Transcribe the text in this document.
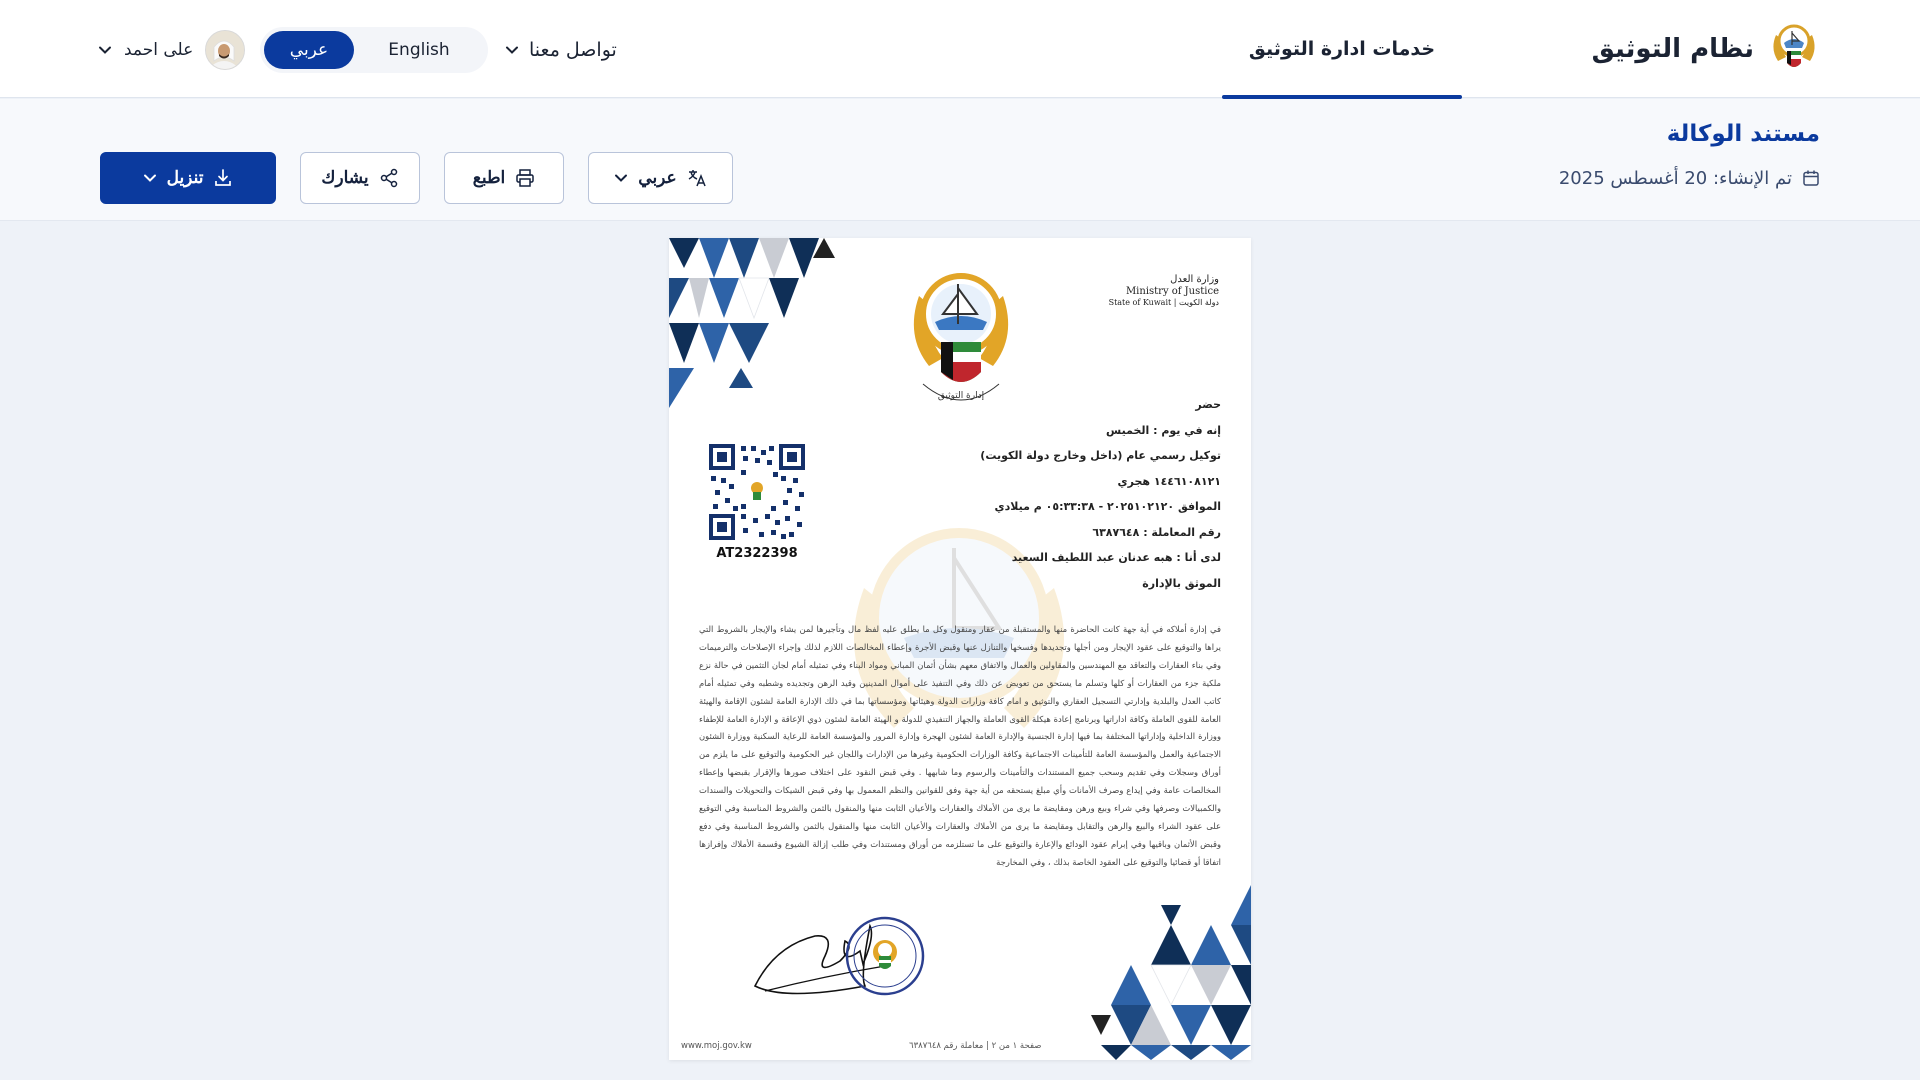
نظام التوثيق
خدمات ادارة التوثيق
تواصل معنا
عربي	English
على احمد
مستند الوكالة
تم الإنشاء: 20 أغسطس 2025
عربي
اطبع
يشارك
تنزيل
وزارة العدل
Ministry of Justice
State of Kuwait | دولة الكويت
إدارة التوثيق
AT2322398
حضر
إنه في يوم : الخميس
توكيل رسمي عام (داخل وخارج دولة الكويت)
١٤٤٦١٠٨١٢١ هجري
الموافق ٢٠٢٥١٠٢١٢٠ - ٠٥:٣٣:٣٨ م ميلادي
رقم المعاملة : ٦٣٨٧٦٤٨
لدى أنا : هبه عدنان عبد اللطيف السعيد
الموثق بالإدارة

في إدارة أملاكه في أية جهة كانت الحاضرة منها والمستقبلة من عقار ومنقول وكل ما يطلق عليه لفظ مال وتأجيرها لمن يشاء والإيجار بالشروط التي يراها والتوقيع على عقود الإيجار ومن أجلها وتجديدها وفسخها والتنازل عنها وقبض الأجرة وإعطاء المخالصات اللازم لذلك وإجراء الإصلاحات والترميمات وفي بناء العقارات والتعاقد مع المهندسين والمقاولين والعمال والاتفاق معهم بشأن أثمان المباني ومواد البناء وفي تمثيله أمام لجان التثمين في حالة نزع ملكية جزء من العقارات أو كلها وتسلم ما يستحق من تعويض عن ذلك وفي التنفيذ على أموال المدينين وقيد الرهن وتجديده وشطبه وفي تمثيله أمام كاتب العدل والبلدية وإدارتي التسجيل العقاري والتوثيق و امام كافة وزارات الدولة وهيئاتها ومؤسساتها بما في ذلك الإدارة العامة لشئون الإقامة والهيئة العامة للقوى العاملة وكافة اداراتها وبرنامج إعادة هيكلة القوى العاملة والجهاز التنفيذي للدولة و الهيئة العامة لشئون ذوي الإعاقة و الإدارة العامة للإطفاء ووزارة الداخلية وإداراتها المختلفة بما فيها إدارة الجنسية والإدارة العامة لشئون الهجرة وإدارة المرور والمؤسسة العامة للرعاية السكنية ووزارة الشئون الاجتماعية والعمل والمؤسسة العامة للتأمينات الاجتماعية وكافة الوزارات الحكومية وغيرها من الإدارات واللجان غير الحكومية والتوقيع على ما يلزم من أوراق وسجلات وفي تقديم وسحب جميع المستندات والتأمينات والرسوم وما شابهها . وفي قبض النقود على اختلاف صورها والإقرار بقبضها وإعطاء المخالصات عامة وفي إيداع وصرف الأمانات وأي مبلغ يستحقه من أية جهة وفق للقوانين والنظم المعمول بها وفي قبض الشيكات والتحويلات والسندات والكمبيالات وصرفها وفي شراء وبيع ورهن ومقايضة ما يرى من الأملاك والعقارات والأعيان الثابت منها والمنقول بالثمن والشروط المناسبة وفي التوقيع على عقود الشراء والبيع والرهن والتقابل ومقايضة ما يرى من الأملاك والعقارات والأعيان الثابت منها والمنقول بالثمن والشروط المناسبة وفي دفع وقبض الأثمان وباقيها وفي إبرام عقود الودائع والإعارة والتوقيع على ما تستلزمه من أوراق ومستندات وفي طلب إزالة الشيوع وقسمة الأملاك وإفرازها اتفاقا أو قضائيا والتوقيع على العقود الخاصة بذلك ، وفي المخارجة

www.moj.gov.kw	صفحة ١ من ٢ | معاملة رقم ٦٣٨٧٦٤٨
